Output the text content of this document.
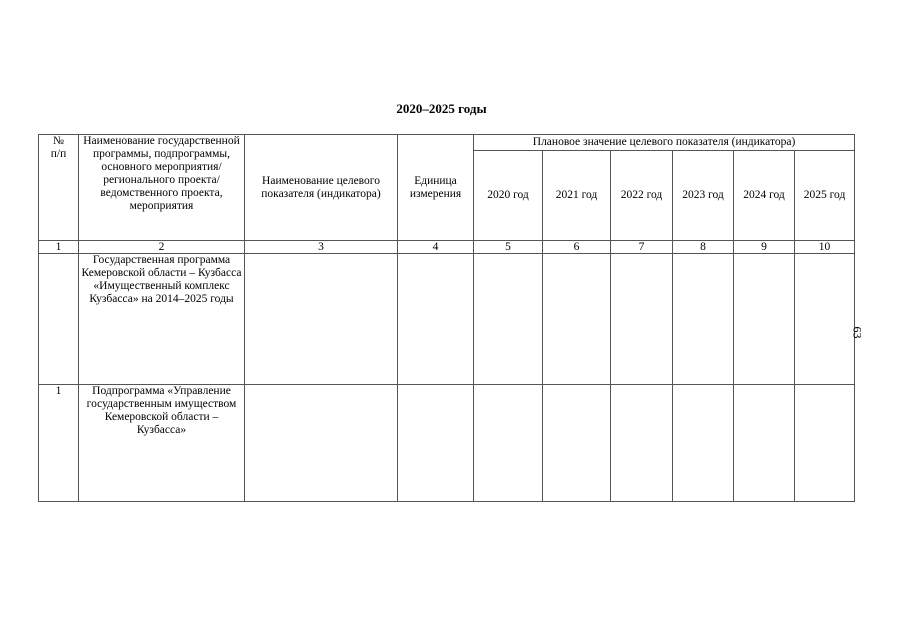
2020–2025 годы
№
п/п	Наименование государственной программы, подпрограммы, основного мероприятия/ регионального проекта/ ведомственного проекта, мероприятия	Наименование целевого показателя (индикатора)	Единица измерения	Плановое значение целевого показателя (индикатора)					
				2020 год	2021 год	2022 год	2023 год	2024 год	2025 год
1	2	3	4	5	6	7	8	9	10
	Государственная программа Кемеровской области – Кузбасса «Имущественный комплекс Кузбасса» на 2014–2025 годы								
1	Подпрограмма «Управление государственным имуществом Кемеровской области – Кузбасса»								
63
